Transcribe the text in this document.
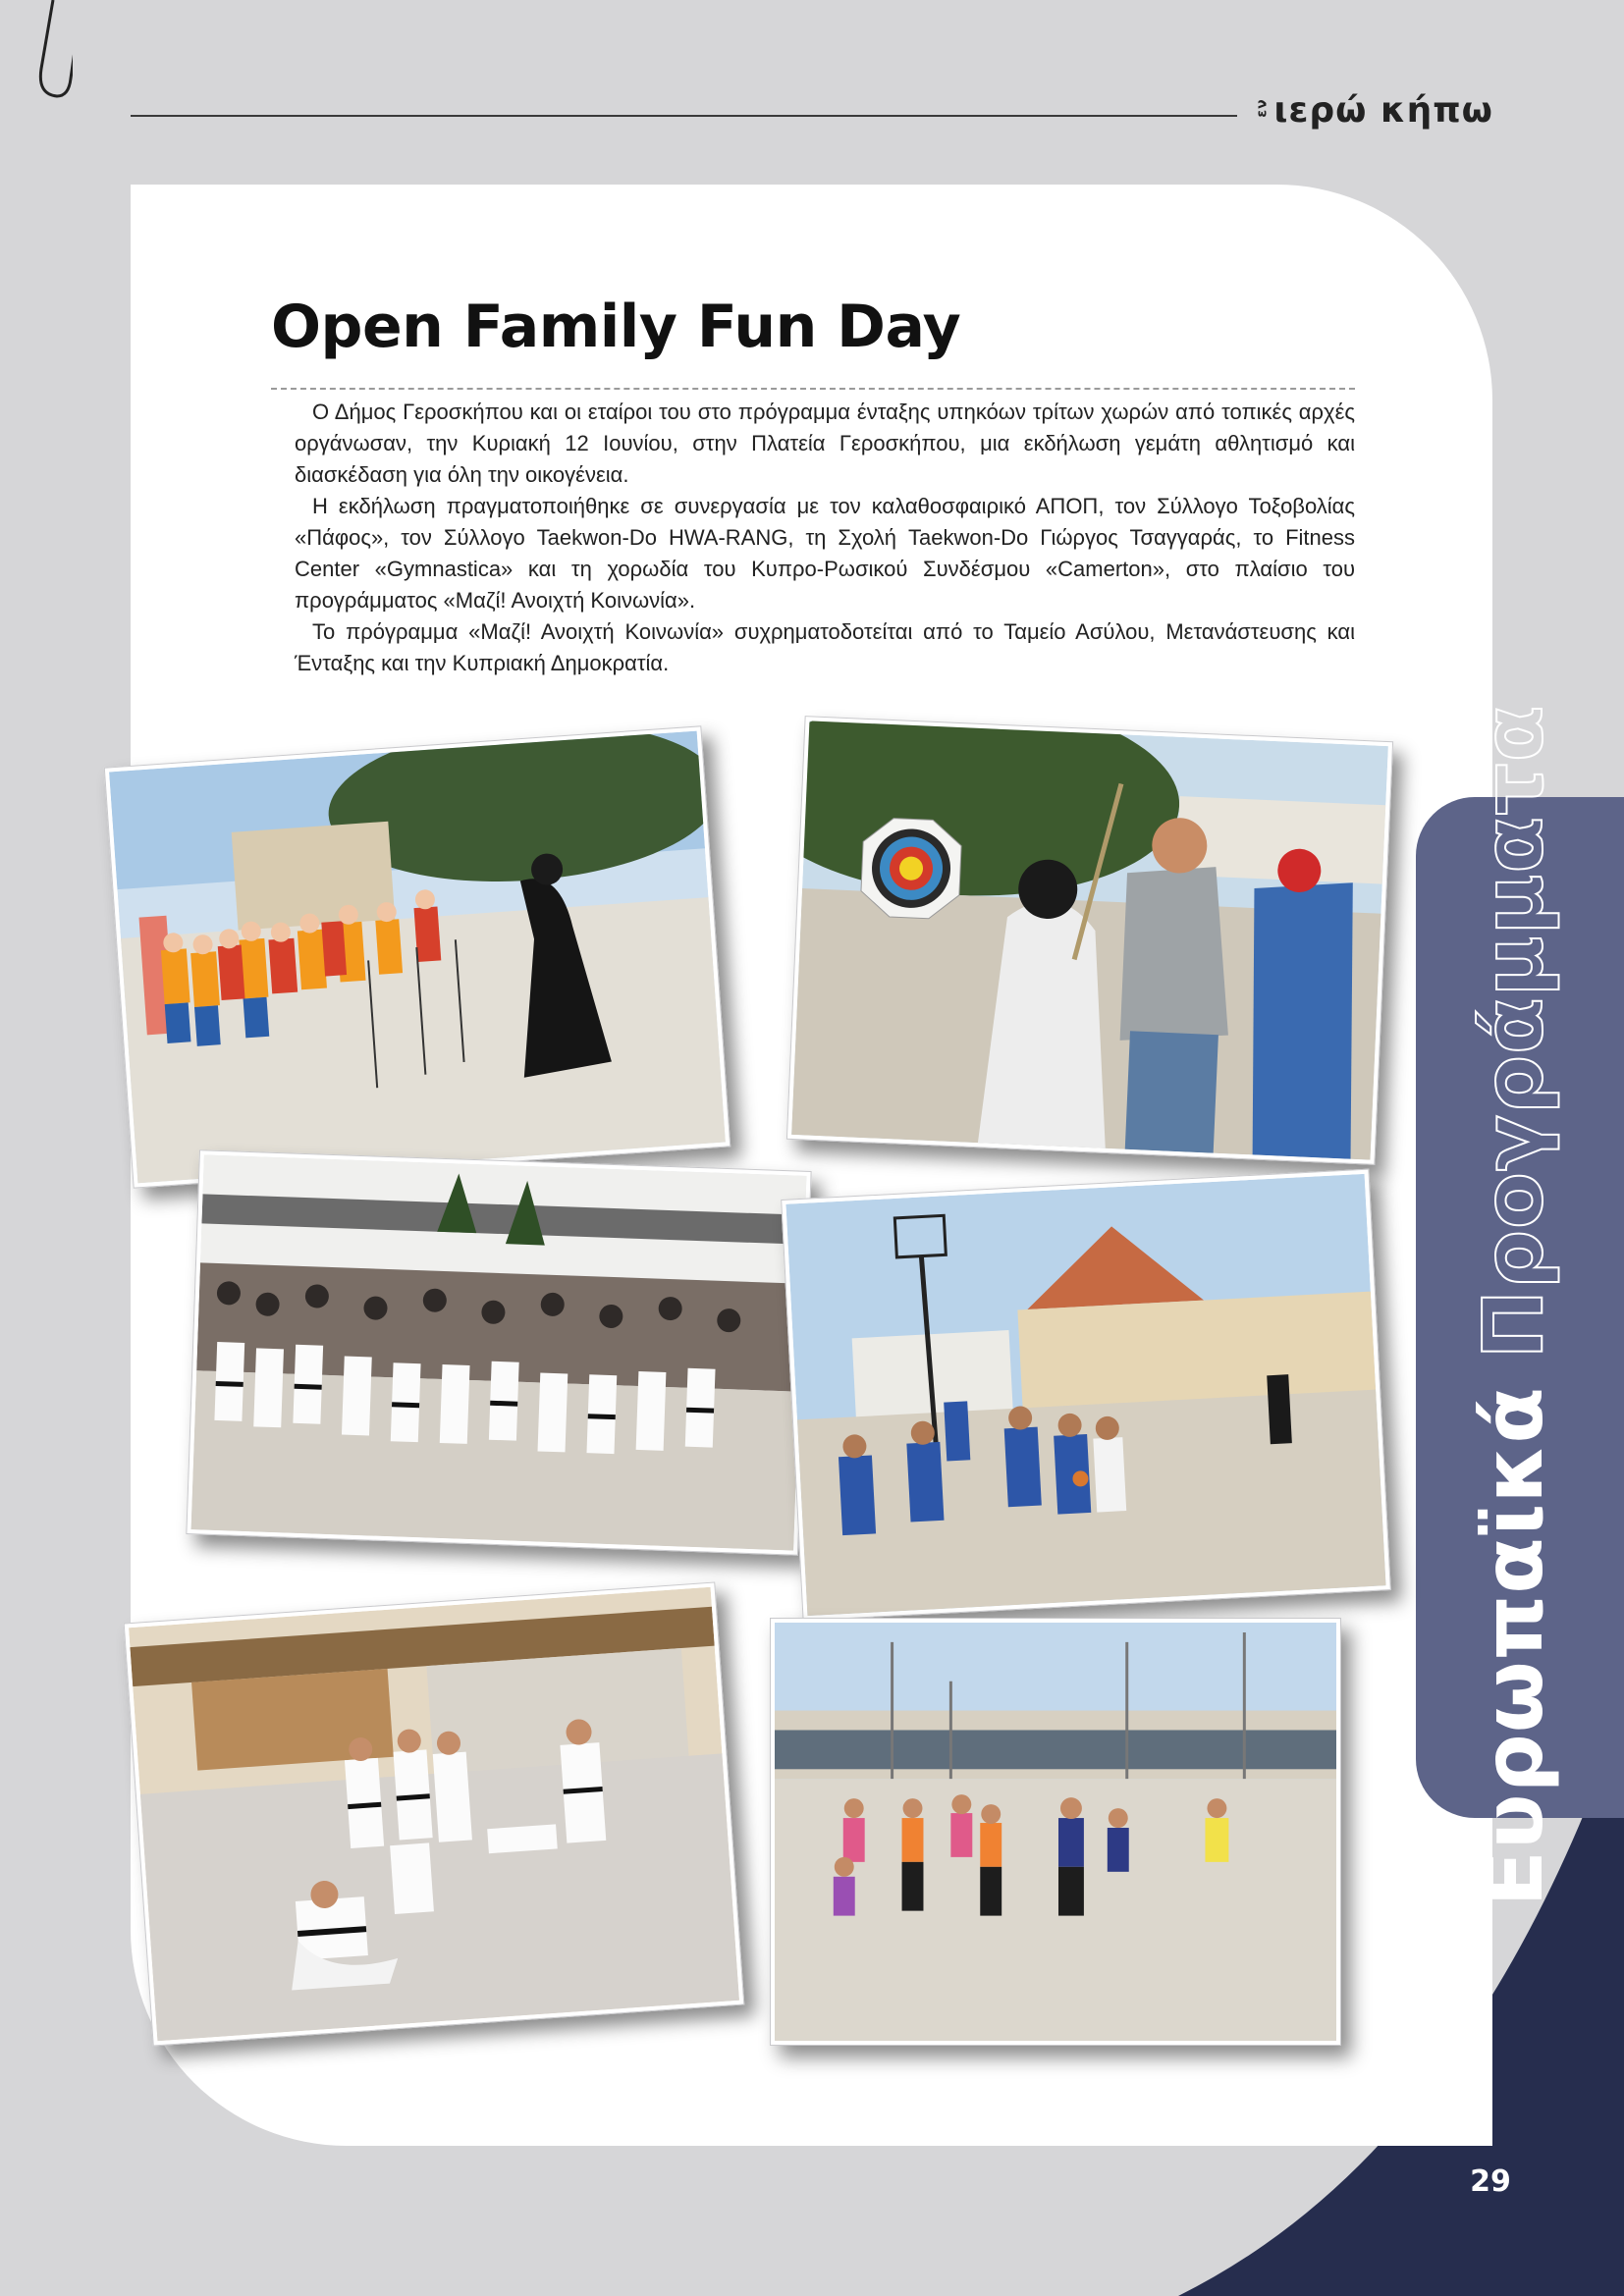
εν ιερώ κήπω
Ευρωπαϊκά Προγράμματα
29
Open Family Fun Day

Ο Δήμος Γεροσκήπου και οι εταίροι του στο πρόγραμμα ένταξης υπηκόων τρίτων χωρών από τοπικές αρχές οργάνωσαν, την Κυριακή 12 Ιουνίου, στην Πλατεία Γεροσκήπου, μια εκδήλωση γεμάτη αθλητισμό και διασκέδαση για όλη την οικογένεια.

Η εκδήλωση πραγματοποιήθηκε σε συνεργασία με τον καλαθοσφαιρικό ΑΠΟΠ, τον Σύλλογο Τοξοβολίας «Πάφος», τον Σύλλογο Taekwon-Do HWA-RANG, τη Σχολή Taekwon-Do Γιώργος Τσαγγαράς, το Fitness Center «Gymnastica» και τη χορωδία του Κυπρο-Ρωσικού Συνδέσμου «Camerton», στο πλαίσιο του προγράμματος «Μαζί! Ανοιχτή Κοινωνία».

Το πρόγραμμα «Μαζί! Ανοιχτή Κοινωνία» συχρηματοδοτείται από το Ταμείο Ασύλου, Μετανάστευσης και Ένταξης και την Κυπριακή Δημοκρατία.
